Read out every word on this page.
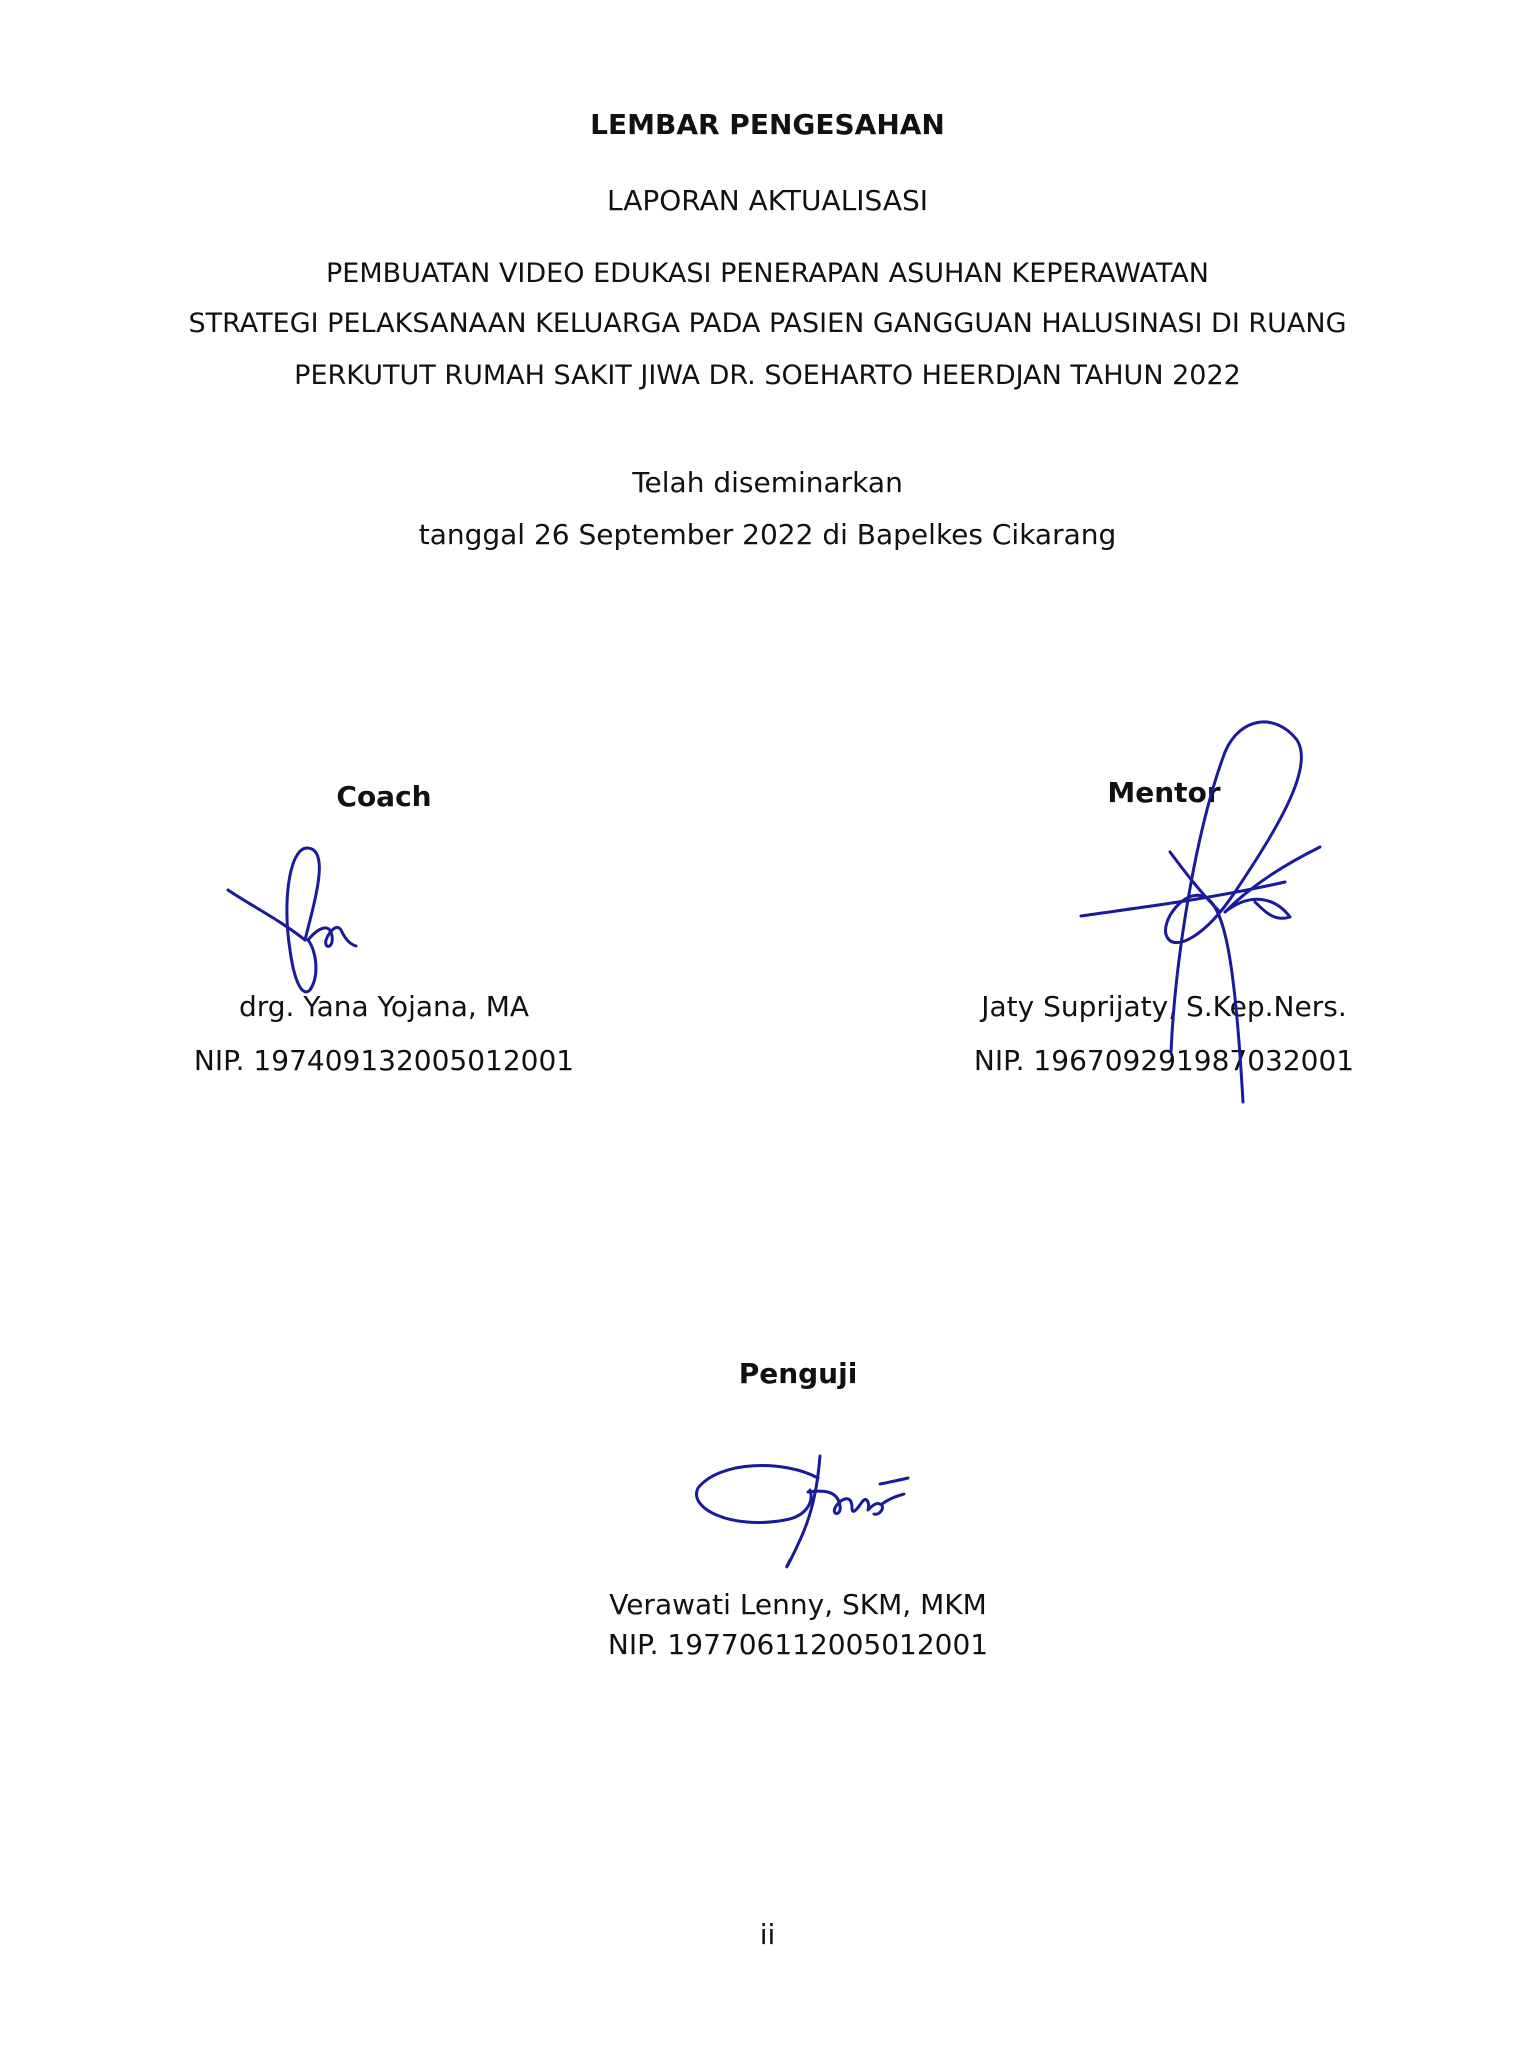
LEMBAR PENGESAHAN
LAPORAN AKTUALISASI
PEMBUATAN VIDEO EDUKASI PENERAPAN ASUHAN KEPERAWATAN
STRATEGI PELAKSANAAN KELUARGA PADA PASIEN GANGGUAN HALUSINASI DI RUANG
PERKUTUT RUMAH SAKIT JIWA DR. SOEHARTO HEERDJAN TAHUN 2022
Telah diseminarkan
tanggal 26 September 2022 di Bapelkes Cikarang
Coach
drg. Yana Yojana, MA
NIP. 197409132005012001
Mentor
Jaty Suprijaty, S.Kep.Ners.
NIP. 196709291987032001
Penguji
Verawati Lenny, SKM, MKM
NIP. 197706112005012001
ii
